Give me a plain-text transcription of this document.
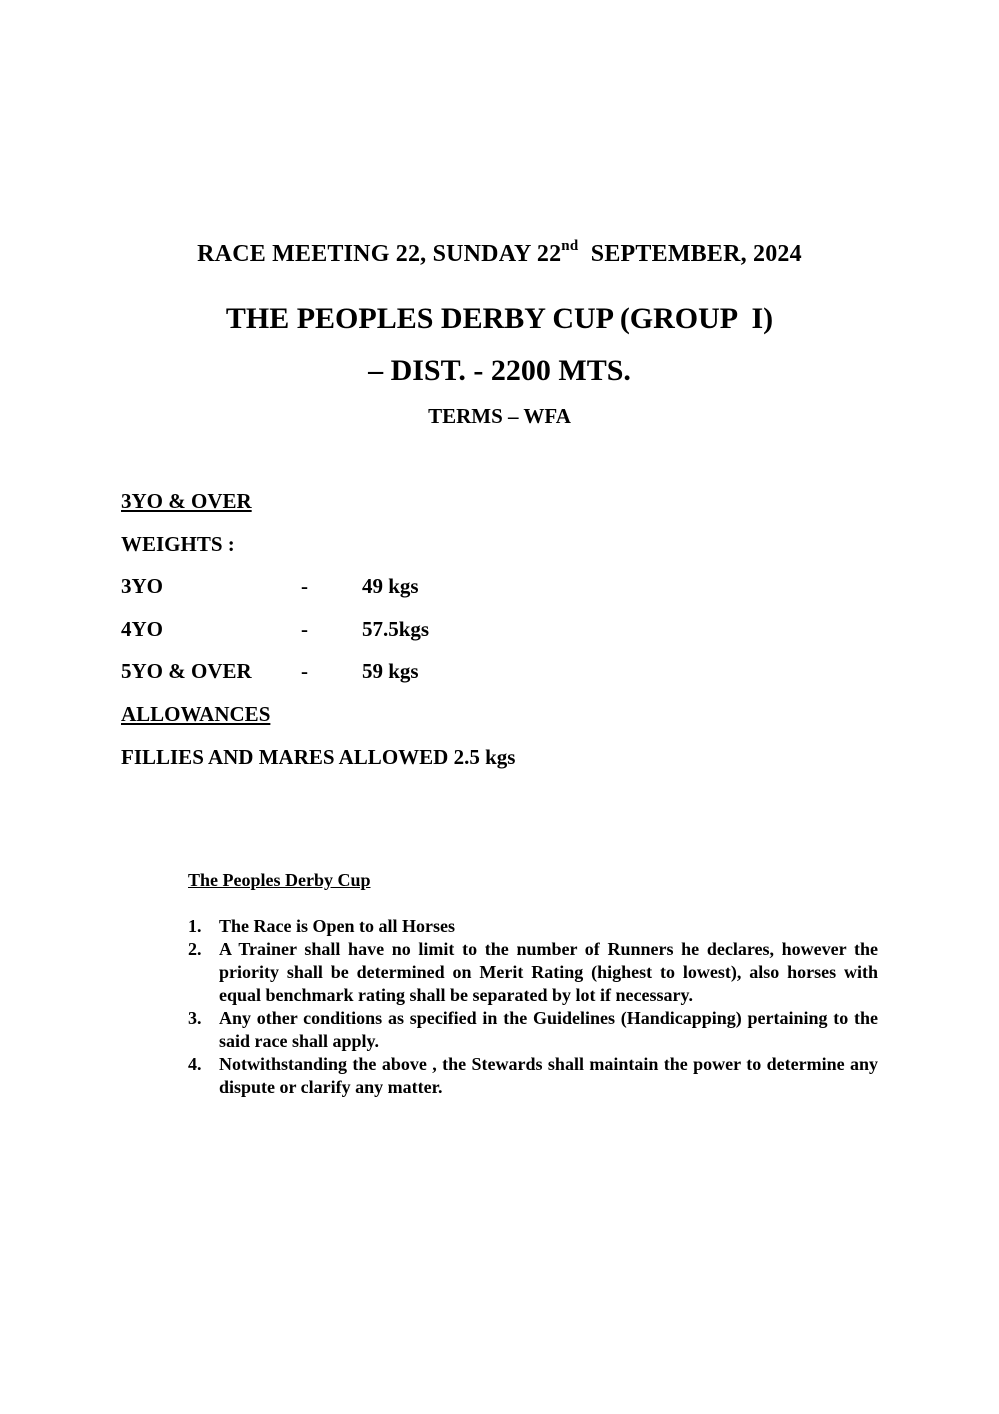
RACE MEETING 22, SUNDAY 22nd SEPTEMBER, 2024
THE PEOPLES DERBY CUP (GROUP  I)
– DIST. - 2200 MTS.
TERMS – WFA
3YO & OVER
WEIGHTS :
3YO	-	49 kgs
4YO	-	57.5kgs
5YO & OVER -	59 kgs
ALLOWANCES
FILLIES AND MARES ALLOWED 2.5 kgs
The Peoples Derby Cup
1. The Race is Open to all Horses
2. A Trainer shall have no limit to the number of Runners he declares, however the priority shall be determined on Merit Rating (highest to lowest), also horses with equal benchmark rating shall be separated by lot if necessary.
3. Any other conditions as specified in the Guidelines (Handicapping) pertaining to the said race shall apply.
4. Notwithstanding the above , the Stewards shall maintain the power to determine any dispute or clarify any matter.
